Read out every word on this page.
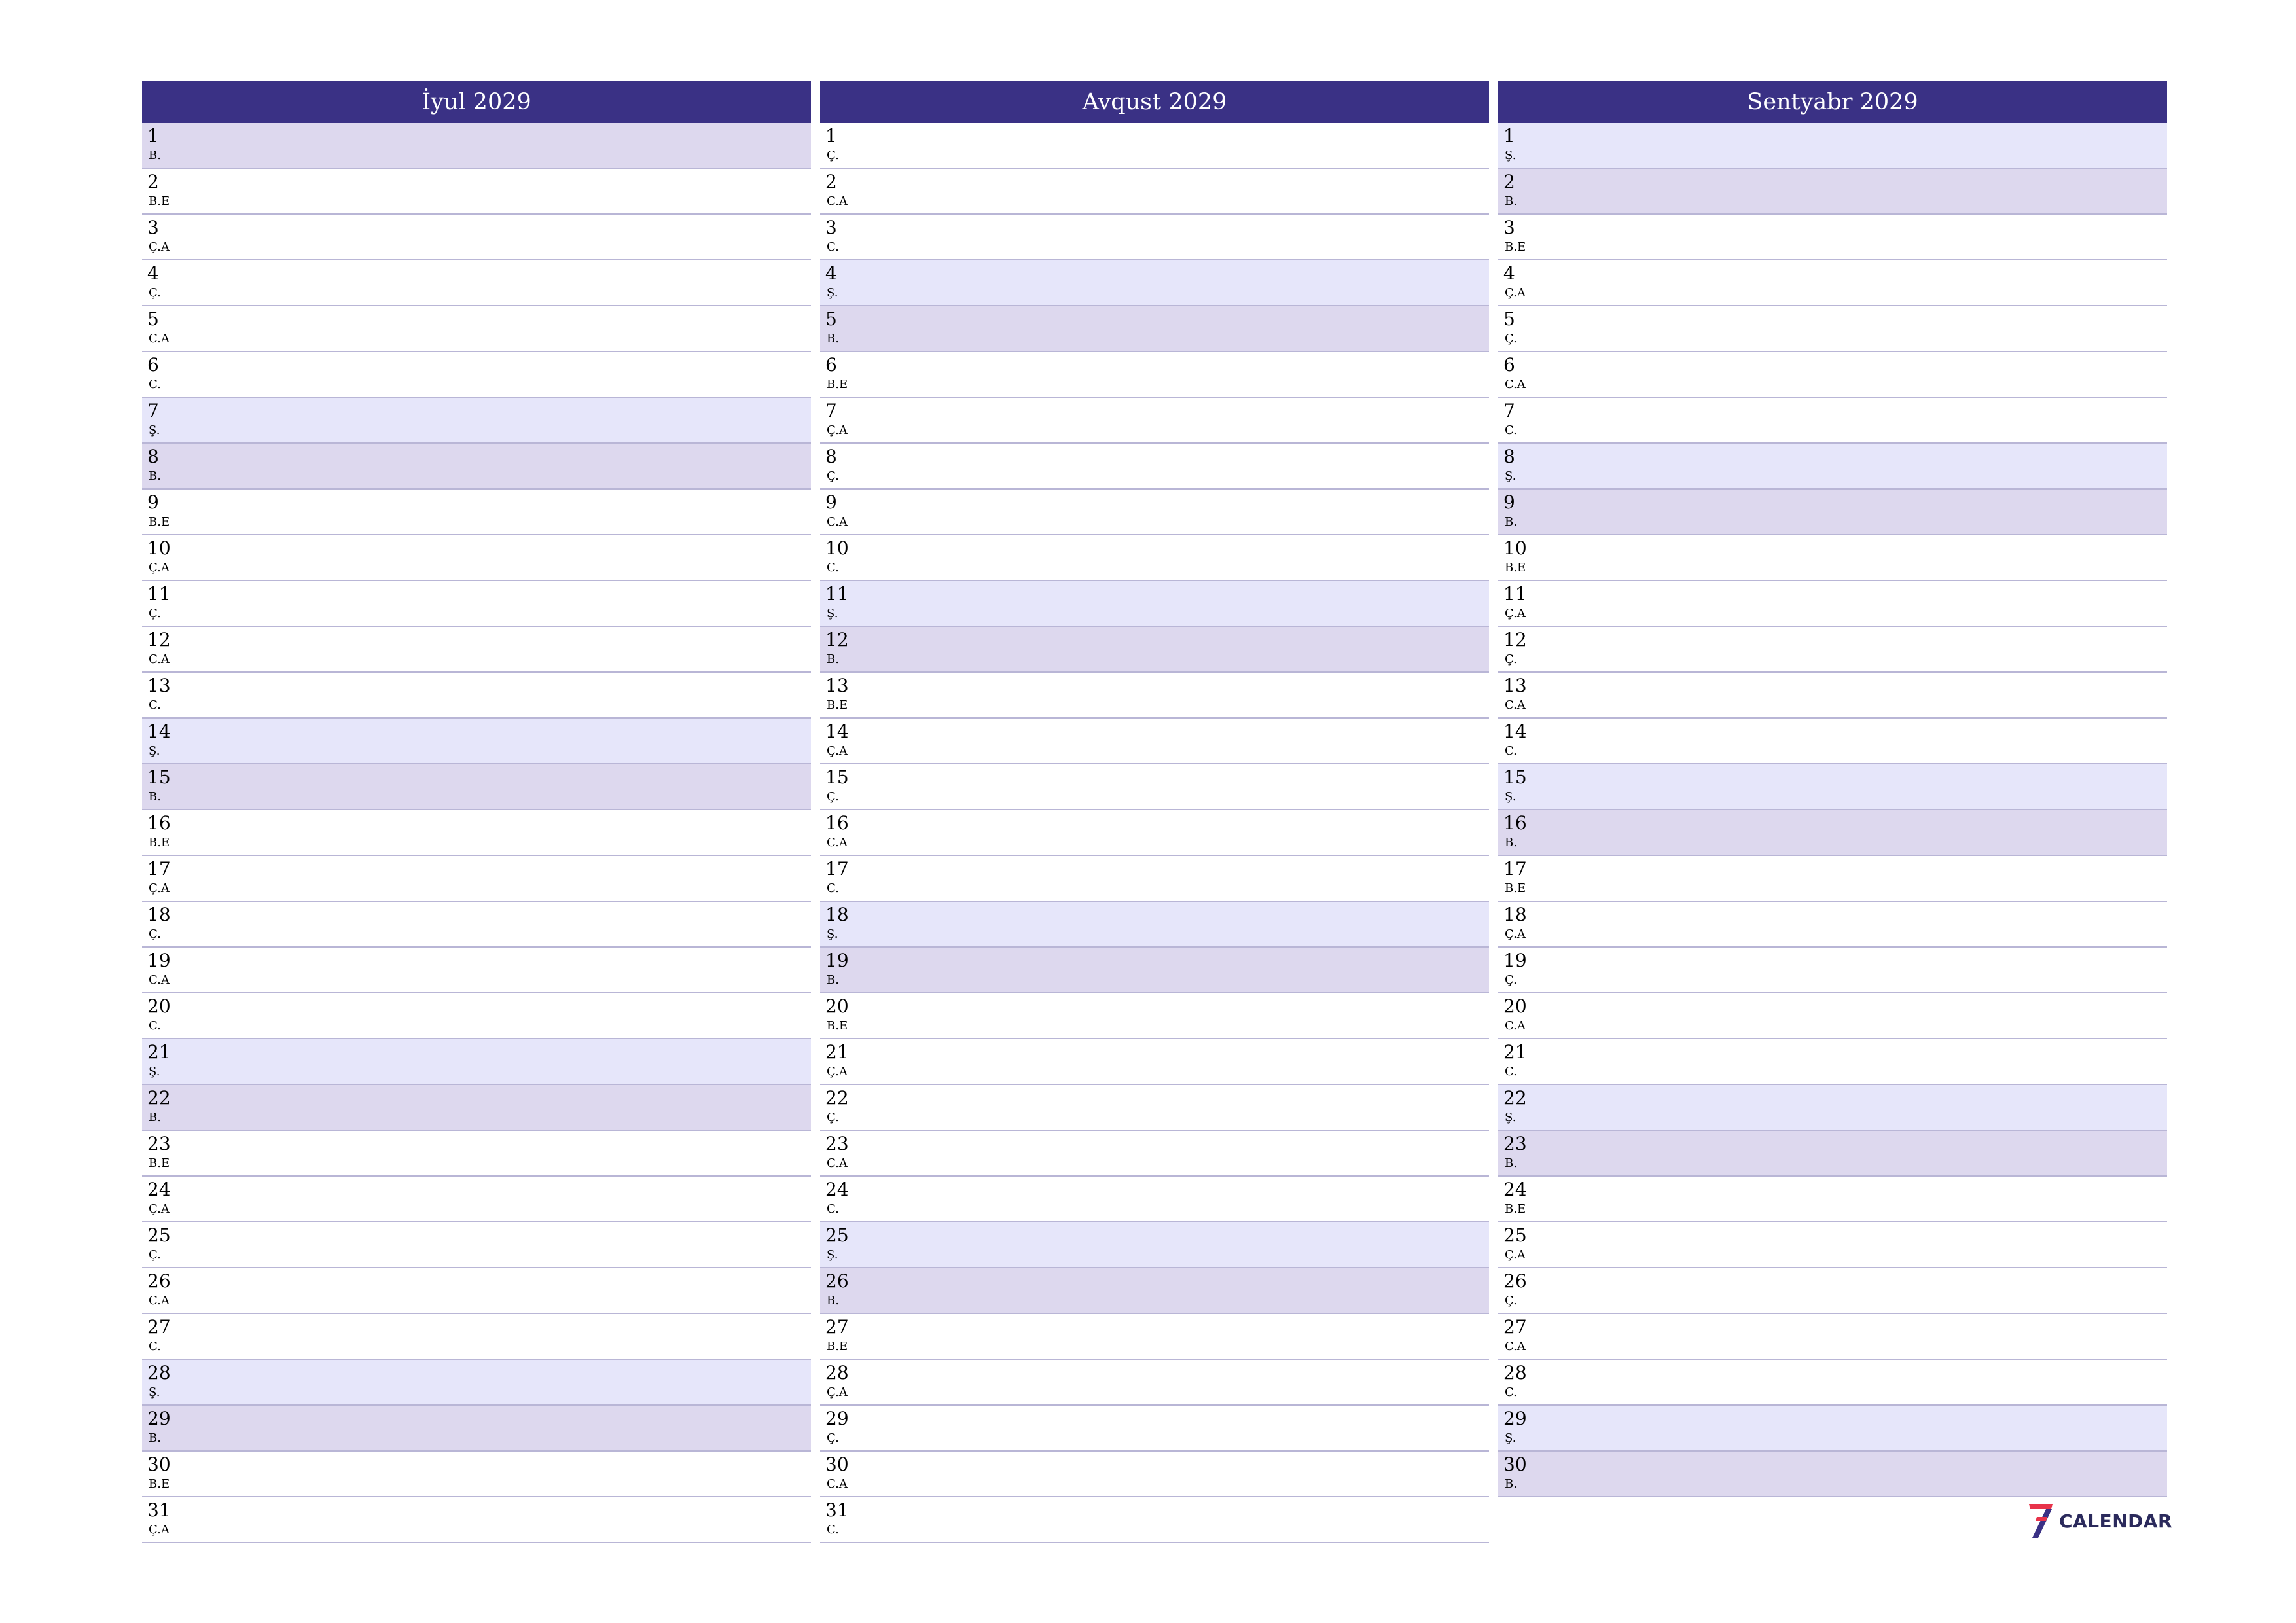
İyul 2029
1
B.
2
B.E
3
Ç.A
4
Ç.
5
C.A
6
C.
7
Ş.
8
B.
9
B.E
10
Ç.A
11
Ç.
12
C.A
13
C.
14
Ş.
15
B.
16
B.E
17
Ç.A
18
Ç.
19
C.A
20
C.
21
Ş.
22
B.
23
B.E
24
Ç.A
25
Ç.
26
C.A
27
C.
28
Ş.
29
B.
30
B.E
31
Ç.A
Avqust 2029
1
Ç.
2
C.A
3
C.
4
Ş.
5
B.
6
B.E
7
Ç.A
8
Ç.
9
C.A
10
C.
11
Ş.
12
B.
13
B.E
14
Ç.A
15
Ç.
16
C.A
17
C.
18
Ş.
19
B.
20
B.E
21
Ç.A
22
Ç.
23
C.A
24
C.
25
Ş.
26
B.
27
B.E
28
Ç.A
29
Ç.
30
C.A
31
C.
Sentyabr 2029
1
Ş.
2
B.
3
B.E
4
Ç.A
5
Ç.
6
C.A
7
C.
8
Ş.
9
B.
10
B.E
11
Ç.A
12
Ç.
13
C.A
14
C.
15
Ş.
16
B.
17
B.E
18
Ç.A
19
Ç.
20
C.A
21
C.
22
Ş.
23
B.
24
B.E
25
Ç.A
26
Ç.
27
C.A
28
C.
29
Ş.
30
B.
CALENDAR
